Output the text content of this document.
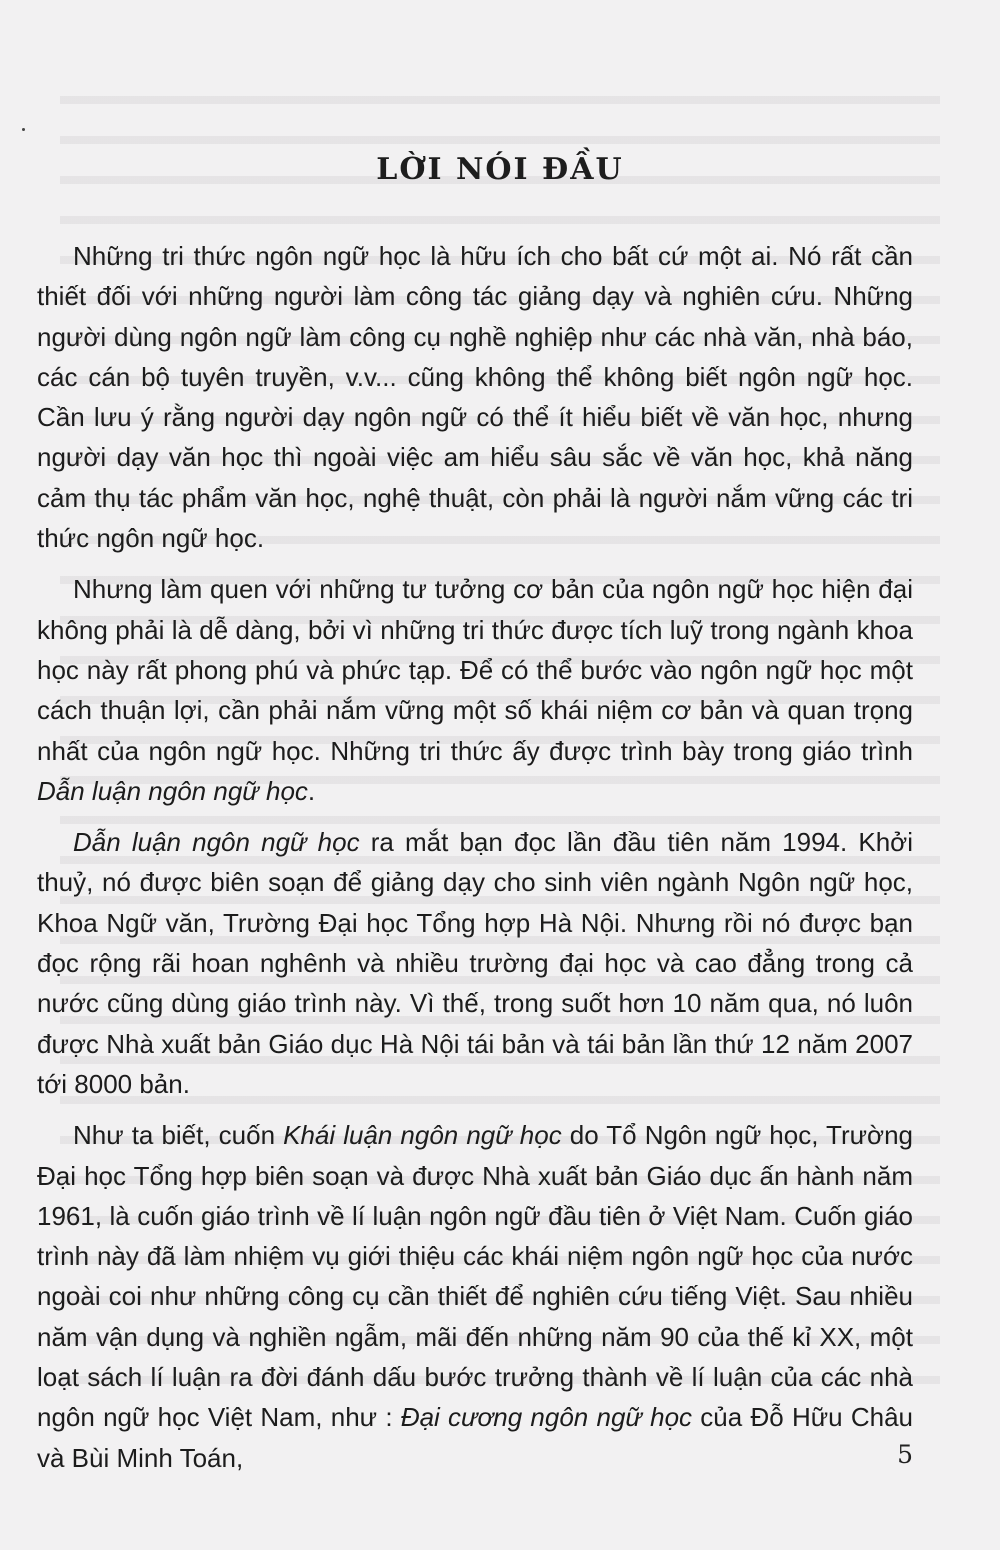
LỜI NÓI ĐẦU

Những tri thức ngôn ngữ học là hữu ích cho bất cứ một ai. Nó rất cần thiết đối với những người làm công tác giảng dạy và nghiên cứu. Những người dùng ngôn ngữ làm công cụ nghề nghiệp như các nhà văn, nhà báo, các cán bộ tuyên truyền, v.v... cũng không thể không biết ngôn ngữ học. Cần lưu ý rằng người dạy ngôn ngữ có thể ít hiểu biết về văn học, nhưng người dạy văn học thì ngoài việc am hiểu sâu sắc về văn học, khả năng cảm thụ tác phẩm văn học, nghệ thuật, còn phải là người nắm vững các tri thức ngôn ngữ học.

Nhưng làm quen với những tư tưởng cơ bản của ngôn ngữ học hiện đại không phải là dễ dàng, bởi vì những tri thức được tích luỹ trong ngành khoa học này rất phong phú và phức tạp. Để có thể bước vào ngôn ngữ học một cách thuận lợi, cần phải nắm vững một số khái niệm cơ bản và quan trọng nhất của ngôn ngữ học. Những tri thức ấy được trình bày trong giáo trình Dẫn luận ngôn ngữ học.

Dẫn luận ngôn ngữ học ra mắt bạn đọc lần đầu tiên năm 1994. Khởi thuỷ, nó được biên soạn để giảng dạy cho sinh viên ngành Ngôn ngữ học, Khoa Ngữ văn, Trường Đại học Tổng hợp Hà Nội. Nhưng rồi nó được bạn đọc rộng rãi hoan nghênh và nhiều trường đại học và cao đẳng trong cả nước cũng dùng giáo trình này. Vì thế, trong suốt hơn 10 năm qua, nó luôn được Nhà xuất bản Giáo dục Hà Nội tái bản và tái bản lần thứ 12 năm 2007 tới 8000 bản.

Như ta biết, cuốn Khái luận ngôn ngữ học do Tổ Ngôn ngữ học, Trường Đại học Tổng hợp biên soạn và được Nhà xuất bản Giáo dục ấn hành năm 1961, là cuốn giáo trình về lí luận ngôn ngữ đầu tiên ở Việt Nam. Cuốn giáo trình này đã làm nhiệm vụ giới thiệu các khái niệm ngôn ngữ học của nước ngoài coi như những công cụ cần thiết để nghiên cứu tiếng Việt. Sau nhiều năm vận dụng và nghiền ngẫm, mãi đến những năm 90 của thế kỉ XX, một loạt sách lí luận ra đời đánh dấu bước trưởng thành về lí luận của các nhà ngôn ngữ học Việt Nam, như : Đại cương ngôn ngữ học của Đỗ Hữu Châu và Bùi Minh Toán,	5
